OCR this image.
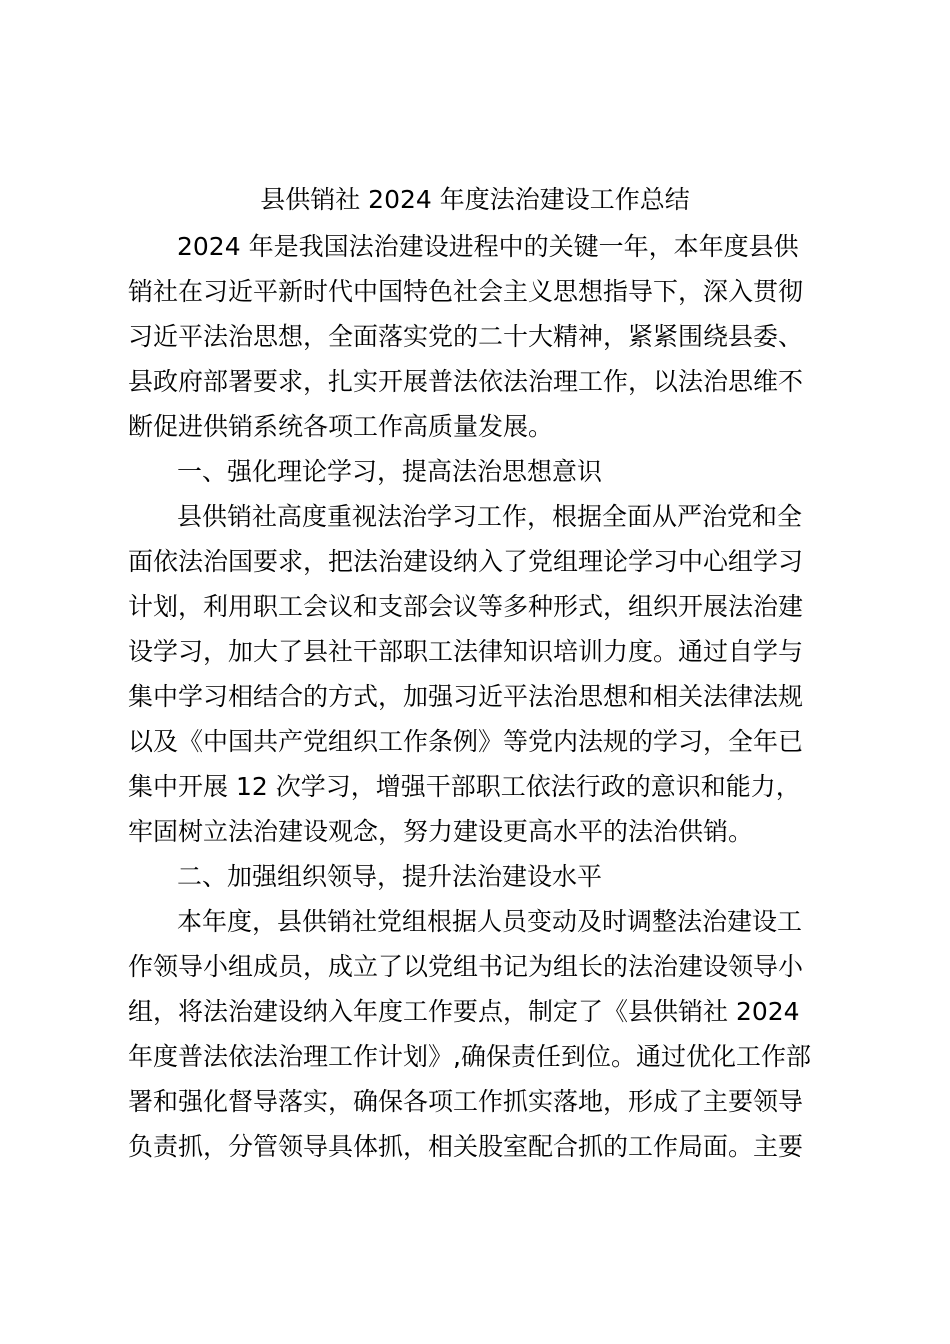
县供销社 2024 年度法治建设工作总结
2024 年是我国法治建设进程中的关键一年，本年度县供
销社在习近平新时代中国特色社会主义思想指导下，深入贯彻
习近平法治思想，全面落实党的二十大精神，紧紧围绕县委、
县政府部署要求，扎实开展普法依法治理工作，以法治思维不
断促进供销系统各项工作高质量发展。
一、强化理论学习，提高法治思想意识
县供销社高度重视法治学习工作，根据全面从严治党和全
面依法治国要求，把法治建设纳入了党组理论学习中心组学习
计划，利用职工会议和支部会议等多种形式，组织开展法治建
设学习，加大了县社干部职工法律知识培训力度。通过自学与
集中学习相结合的方式，加强习近平法治思想和相关法律法规
以及《中国共产党组织工作条例》等党内法规的学习，全年已
集中开展 12 次学习，增强干部职工依法行政的意识和能力，
牢固树立法治建设观念，努力建设更高水平的法治供销。
二、加强组织领导，提升法治建设水平
本年度，县供销社党组根据人员变动及时调整法治建设工
作领导小组成员，成立了以党组书记为组长的法治建设领导小
组，将法治建设纳入年度工作要点，制定了《县供销社 2024
年度普法依法治理工作计划》,确保责任到位。通过优化工作部
署和强化督导落实，确保各项工作抓实落地，形成了主要领导
负责抓，分管领导具体抓，相关股室配合抓的工作局面。主要
